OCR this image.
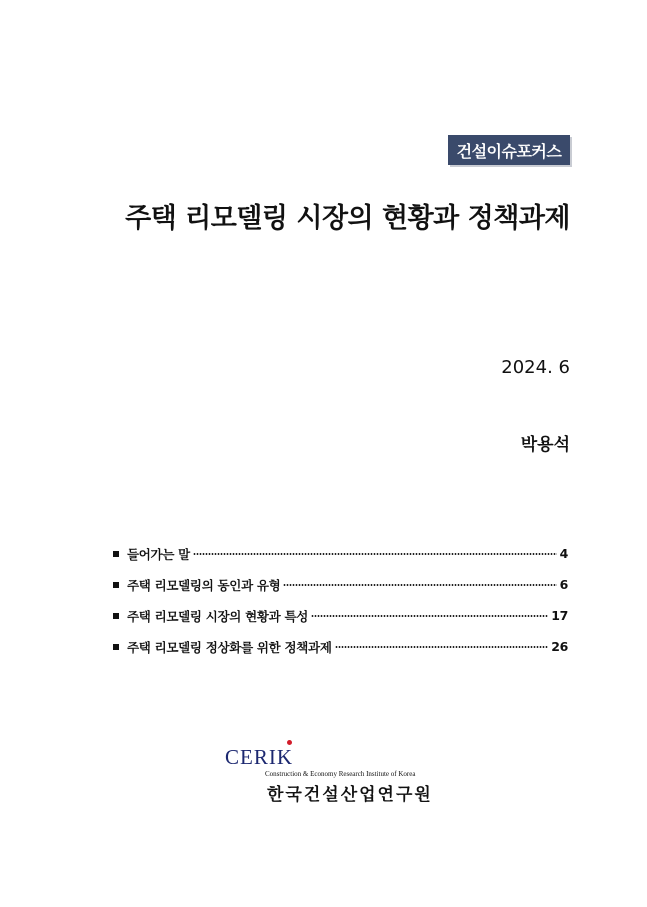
건설이슈포커스
주택 리모델링 시장의 현황과 정책과제
2024. 6
박용석
들어가는 말	4
주택 리모델링의 동인과 유형	6
주택 리모델링 시장의 현황과 특성	17
주택 리모델링 정상화를 위한 정책과제	26
CERIK
Construction & Economy Research Institute of Korea
한국건설산업연구원
